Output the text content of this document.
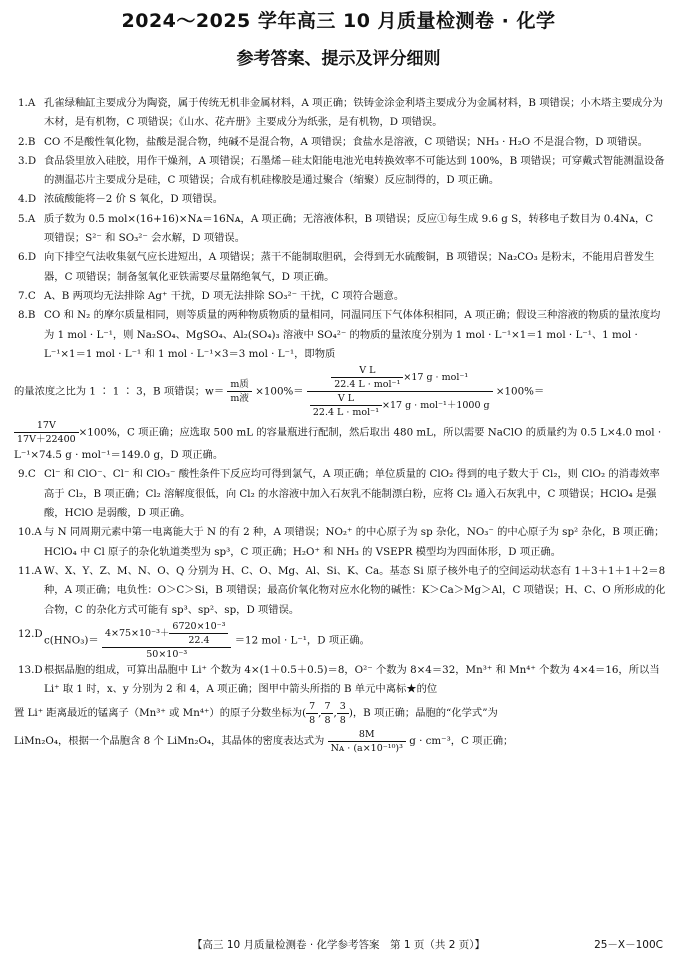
2024～2025 学年高三 10 月质量检测卷 · 化学
参考答案、提示及评分细则
1.A 孔雀绿釉缸主要成分为陶瓷，属于传统无机非金属材料，A 项正确；铁铸金涂金利塔主要成分为金属材料，B 项错误；小木塔主要成分为木材，是有机物，C 项错误；《山水、花卉册》主要成分为纸张，是有机物，D 项错误。
2.B CO 不是酸性氧化物，盐酸是混合物，纯碱不是混合物，A 项错误；食盐水是溶液，C 项错误；NH₃ · H₂O 不是混合物，D 项错误。
3.D 食品袋里放入硅胶，用作干燥剂，A 项错误；石墨烯－硅太阳能电池光电转换效率不可能达到 100%，B 项错误；可穿戴式智能测温设备的测温芯片主要成分是硅，C 项错误；合成有机硅橡胶是通过聚合（缩聚）反应制得的，D 项正确。
4.D 浓硫酸能将－2 价 S 氧化，D 项错误。
5.A 质子数为 0.5 mol×(16+16)×Nᴀ＝16Nᴀ，A 项正确；无溶液体积，B 项错误；反应①每生成 9.6 g S，转移电子数目为 0.4Nᴀ，C 项错误；S²⁻ 和 SO₃²⁻ 会水解，D 项错误。
6.D 向下排空气法收集氨气应长进短出，A 项错误；蒸干不能制取胆矾，会得到无水硫酸铜，B 项错误；Na₂CO₃ 是粉末，不能用启普发生器，C 项错误；制备氢氧化亚铁需要尽量隔绝氧气，D 项正确。
7.C A、B 两项均无法排除 Ag⁺ 干扰，D 项无法排除 SO₃²⁻ 干扰，C 项符合题意。
8.B CO 和 N₂ 的摩尔质量相同，则等质量的两种物质物质的量相同，同温同压下气体体积相同，A 项正确；假设三种溶液的物质的量浓度均为 1 mol · L⁻¹，则 Na₂SO₄、MgSO₄、Al₂(SO₄)₃ 溶液中 SO₄²⁻ 的物质的量浓度分别为 1 mol · L⁻¹×1＝1 mol · L⁻¹、1 mol · L⁻¹×1＝1 mol · L⁻¹ 和 1 mol · L⁻¹×3＝3 mol · L⁻¹，即物质
的量浓度之比为 1 ∶ 1 ∶ 3，B 项错误；$w= \frac{\text{m质}}{\text{m液}} \times 100\%= \frac{\frac{\text{V L}}{\text{22.4 L · mol⁻¹}} \times 17 g \cdot mol^{-1}}{\frac{\text{V L}}{\text{22.4 L · mol⁻¹}} \times 17 g \cdot mol^{-1}+1000 g} \times 100\%=$
$\frac{17V}{17V+22400} \times 100\%$，C 项正确；应选取 500 mL 的容量瓶进行配制，然后取出 480 mL，所以需要 NaClO 的质量约为 0.5 L×4.0 mol · L⁻¹×74.5 g · mol⁻¹＝149.0 g，D 项正确。
9.C Cl⁻ 和 ClO⁻、Cl⁻ 和 ClO₃⁻ 酸性条件下反应均可得到氯气，A 项正确；单位质量的 ClO₂ 得到的电子数大于 Cl₂，则 ClO₂ 的消毒效率高于 Cl₂，B 项正确；Cl₂ 溶解度很低，向 Cl₂ 的水溶液中加入石灰乳不能制漂白粉，应将 Cl₂ 通入石灰乳中，C 项错误；HClO₄ 是强酸，HClO 是弱酸，D 项正确。
10.A 与 N 同周期元素中第一电离能大于 N 的有 2 种，A 项错误；NO₂⁺ 的中心原子为 sp 杂化，NO₃⁻ 的中心原子为 sp² 杂化，B 项正确；HClO₄ 中 Cl 原子的杂化轨道类型为 sp³，C 项正确；H₂O⁺ 和 NH₃ 的 VSEPR 模型均为四面体形，D 项正确。
11.A W、X、Y、Z、M、N、O、Q 分别为 H、C、O、Mg、Al、Si、K、Ca。基态 Si 原子核外电子的空间运动状态有 1＋3＋1＋1＋2＝8 种，A 项正确；电负性：O＞C＞Si，B 项错误；最高价氧化物对应水化物的碱性：K＞Ca＞Mg＞Al，C 项错误；H、C、O 所形成的化合物，C 的杂化方式可能有 sp³、sp²、sp，D 项错误。
12.D
$c(HNO_3)= \frac{4\times 75\times 10^{-3}+ \frac{\text{6720×10⁻³}}{22.4}}{\text{50×10⁻³}} =12$ mol · L⁻¹，D 项正确。
13.D 根据晶胞的组成，可算出晶胞中 Li⁺ 个数为 4×(1＋0.5＋0.5)＝8，O²⁻ 个数为 8×4＝32，Mn³⁺ 和 Mn⁴⁺ 个数为 4×4＝16，所以当 Li⁺ 取 1 时，x、y 分别为 2 和 4，A 项正确；图甲中箭头所指的 B 单元中离标★的位
置 Li⁺ 距离最近的锰离子（Mn³⁺ 或 Mn⁴⁺）的原子分数坐标为( $\frac{7}{8}$ , $\frac{7}{8}$ , $\frac{3}{8}$ )，B 项正确；晶胞的“化学式”为
LiMn₂O₄，根据一个晶胞含 8 个 LiMn₂O₄，其晶体的密度表达式为 $\frac{8M}{\text{Nᴀ · (a×10⁻¹⁰)³}}$ g · cm⁻³，C 项正确；
【高三 10 月质量检测卷 · 化学参考答案　第 1 页（共 2 页）】	25－X－100C
